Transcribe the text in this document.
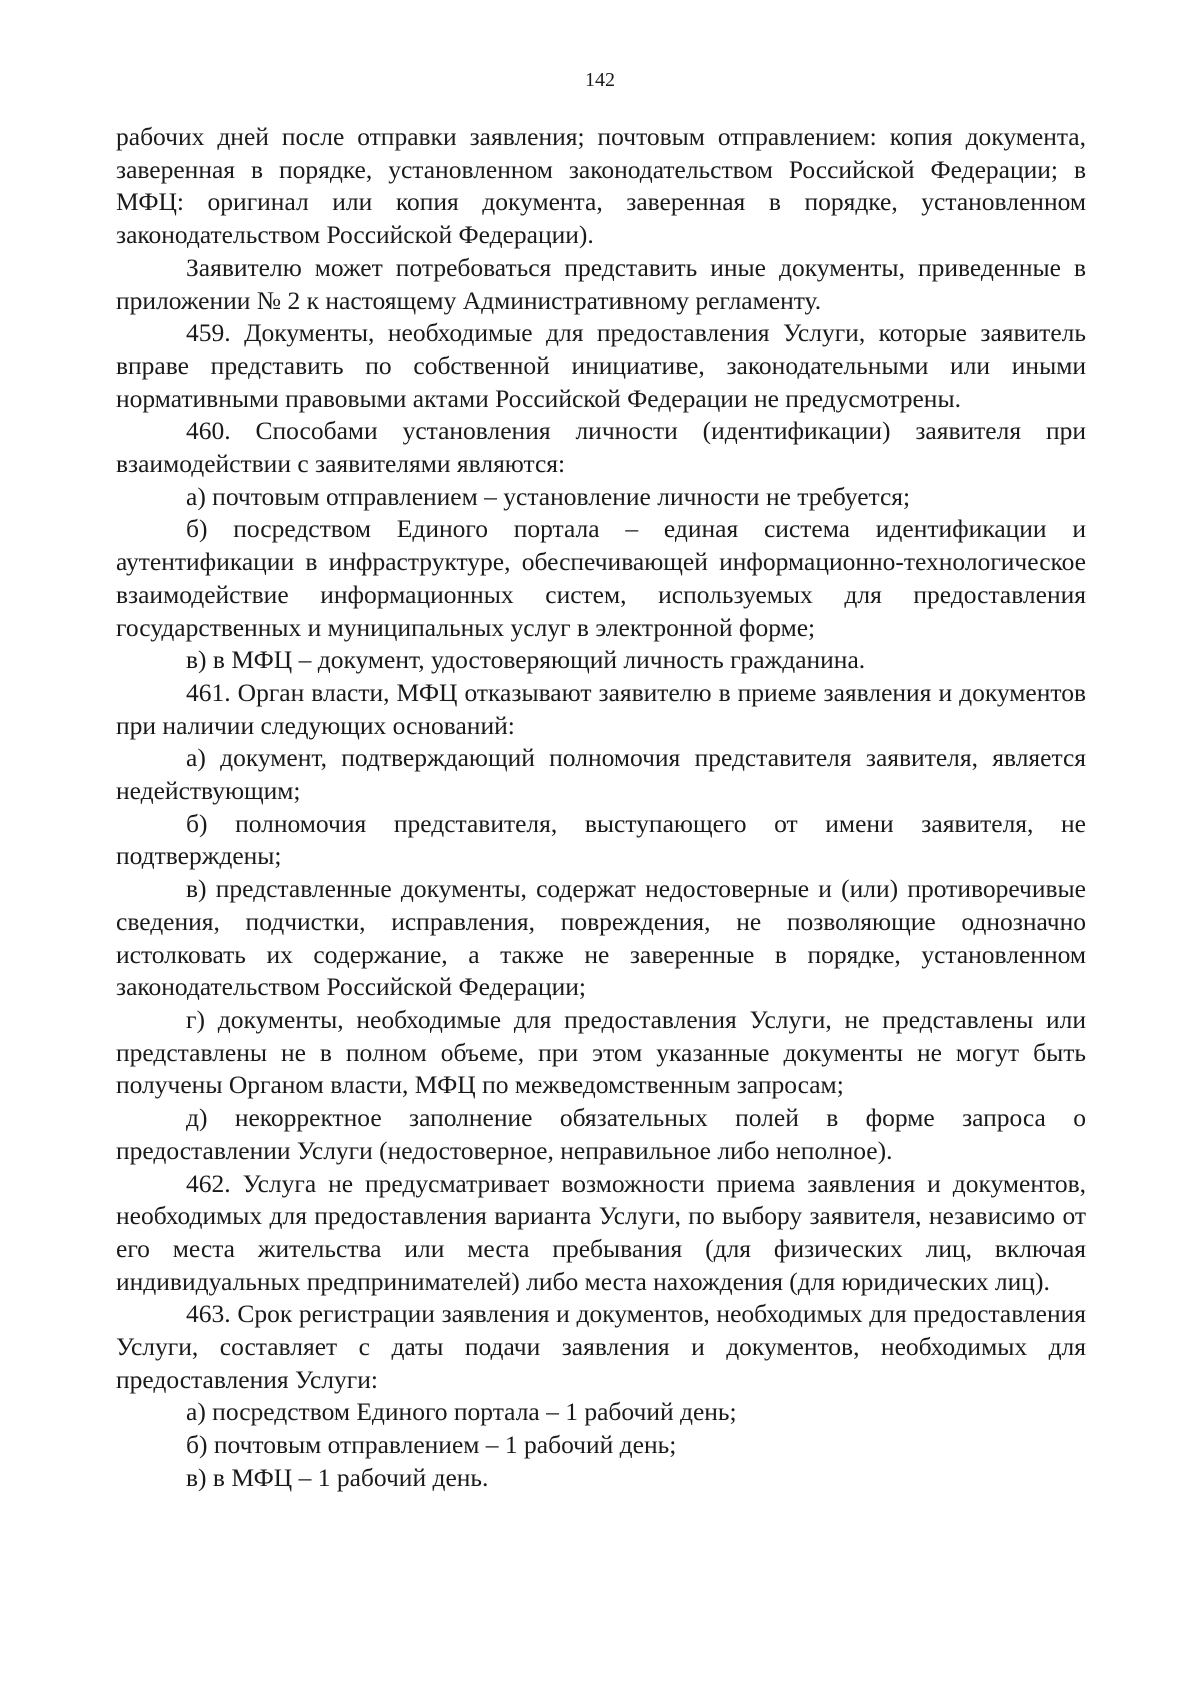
142

рабочих дней после отправки заявления; почтовым отправлением: копия документа, заверенная в порядке, установленном законодательством Российской Федерации; в МФЦ: оригинал или копия документа, заверенная в порядке, установленном законодательством Российской Федерации).

Заявителю может потребоваться представить иные документы, приведенные в приложении № 2 к настоящему Административному регламенту.

459. Документы, необходимые для предоставления Услуги, которые заявитель вправе представить по собственной инициативе, законодательными или иными нормативными правовыми актами Российской Федерации не предусмотрены.

460. Способами установления личности (идентификации) заявителя при взаимодействии с заявителями являются:

а) почтовым отправлением – установление личности не требуется;

б) посредством Единого портала – единая система идентификации и аутентификации в инфраструктуре, обеспечивающей информационно-технологическое взаимодействие информационных систем, используемых для предоставления государственных и муниципальных услуг в электронной форме;

в) в МФЦ – документ, удостоверяющий личность гражданина.

461. Орган власти, МФЦ отказывают заявителю в приеме заявления и документов при наличии следующих оснований:

а) документ, подтверждающий полномочия представителя заявителя, является недействующим;

б) полномочия представителя, выступающего от имени заявителя, не подтверждены;

в) представленные документы, содержат недостоверные и (или) противоречивые сведения, подчистки, исправления, повреждения, не позволяющие однозначно истолковать их содержание, а также не заверенные в порядке, установленном законодательством Российской Федерации;

г) документы, необходимые для предоставления Услуги, не представлены или представлены не в полном объеме, при этом указанные документы не могут быть получены Органом власти, МФЦ по межведомственным запросам;

д) некорректное заполнение обязательных полей в форме запроса о предоставлении Услуги (недостоверное, неправильное либо неполное).

462. Услуга не предусматривает возможности приема заявления и документов, необходимых для предоставления варианта Услуги, по выбору заявителя, независимо от его места жительства или места пребывания (для физических лиц, включая индивидуальных предпринимателей) либо места нахождения (для юридических лиц).

463. Срок регистрации заявления и документов, необходимых для предоставления Услуги, составляет с даты подачи заявления и документов, необходимых для предоставления Услуги:

а) посредством Единого портала – 1 рабочий день;

б) почтовым отправлением – 1 рабочий день;

в) в МФЦ – 1 рабочий день.
